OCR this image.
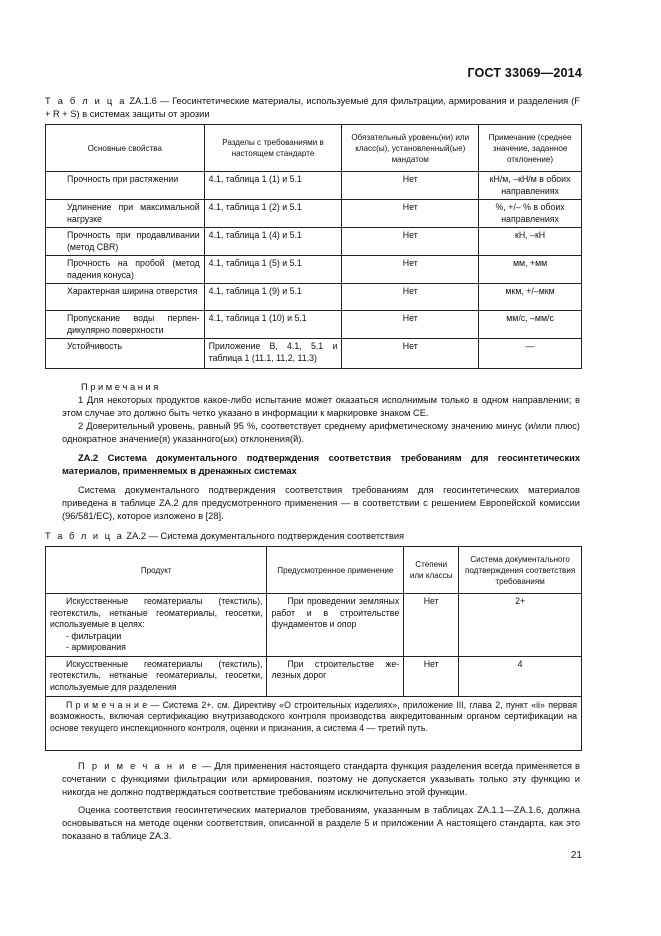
ГОСТ 33069—2014
Т а б л и ц а ZA.1.6 — Геосинтетические материалы, используемые для фильтрации, армирования и разделения (F + R + S) в системах защиты от эрозии
Основные свойства	Разделы с требованиями в настоящем стандарте	Обязательный уровень(ни) или класс(ы), установленный(ые) мандатом	Примечание (среднее значение, заданное отклонение)
Прочность при растяжении	4.1, таблица 1 (1) и 5.1	Нет	кН/м, –кН/м в обоих направлениях
Удлинение при максимальной нагрузке	4.1, таблица 1 (2) и 5.1	Нет	%, +/– % в обоих направлениях
Прочность при продавливании (метод CBR)	4.1, таблица 1 (4) и 5.1	Нет	кН, –кН
Прочность на пробой (метод падения конуса)	4.1, таблица 1 (5) и 5.1	Нет	мм, +мм
Характерная ширина отверстия	4.1, таблица 1 (9) и 5.1	Нет	мкм, +/–мкм
Пропускание воды перпендикулярно поверхности	4.1, таблица 1 (10) и 5.1	Нет	мм/с, –мм/с
Устойчивость	Приложение В, 4.1, 5.1 и таблица 1 (11.1, 11.2, 11.3)	Нет	—
П р и м е ч а н и я
1 Для некоторых продуктов какое-либо испытание может оказаться исполнимым только в одном направлении; в этом случае это должно быть четко указано в информации к маркировке знаком CE.
2 Доверительный уровень, равный 95 %, соответствует среднему арифметическому значению минус (и/или плюс) однократное значение(я) указанного(ых) отклонения(й).
ZA.2 Система документального подтверждения соответствия требованиям для геосинтетических материалов, применяемых в дренажных системах
Система документального подтверждения соответствия требованиям для геосинтетических материалов приведена в таблице ZA.2 для предусмотренного применения — в соответствии с решением Европейской комиссии (96/581/EC), которое изложено в [28].
Т а б л и ц а ZA.2 — Система документального подтверждения соответствия
Продукт	Предусмотренное применение	Степени или классы	Система документального подтверждения соответствия требованиям

Искусственные геоматериалы (текстиль), геотекстиль, нетканые геоматериалы, геосетки, используемые в целях:
- фильтрации
- армирования	При проведении земляных работ и в строительстве фундаментов и опор	Нет	2+
Искусственные геоматериалы (текстиль), геотекстиль, нетканые геоматериалы, геосетки, используемые для разделения	При строительстве железных дорог	Нет	4
П р и м е ч а н и е — Система 2+. см. Директиву «О строительных изделиях», приложение III, глава 2, пункт «ii» первая возможность, включая сертификацию внутризаводского контроля производства аккредитованным органом сертификации на основе текущего инспекционного контроля, оценки и признания, а система 4 — третий путь.			
П р и м е ч а н и е — Для применения настоящего стандарта функция разделения всегда применяется в сочетании с функциями фильтрации или армирования, поэтому не допускается указывать только эту функцию и никогда не должно подтверждаться соответствие требованиям исключительно этой функции.
Оценка соответствия геосинтетических материалов требованиям, указанным в таблицах ZA.1.1—ZA.1.6, должна основываться на методе оценки соответствия, описанной в разделе 5 и приложении А настоящего стандарта, как это показано в таблице ZA.3.
21
